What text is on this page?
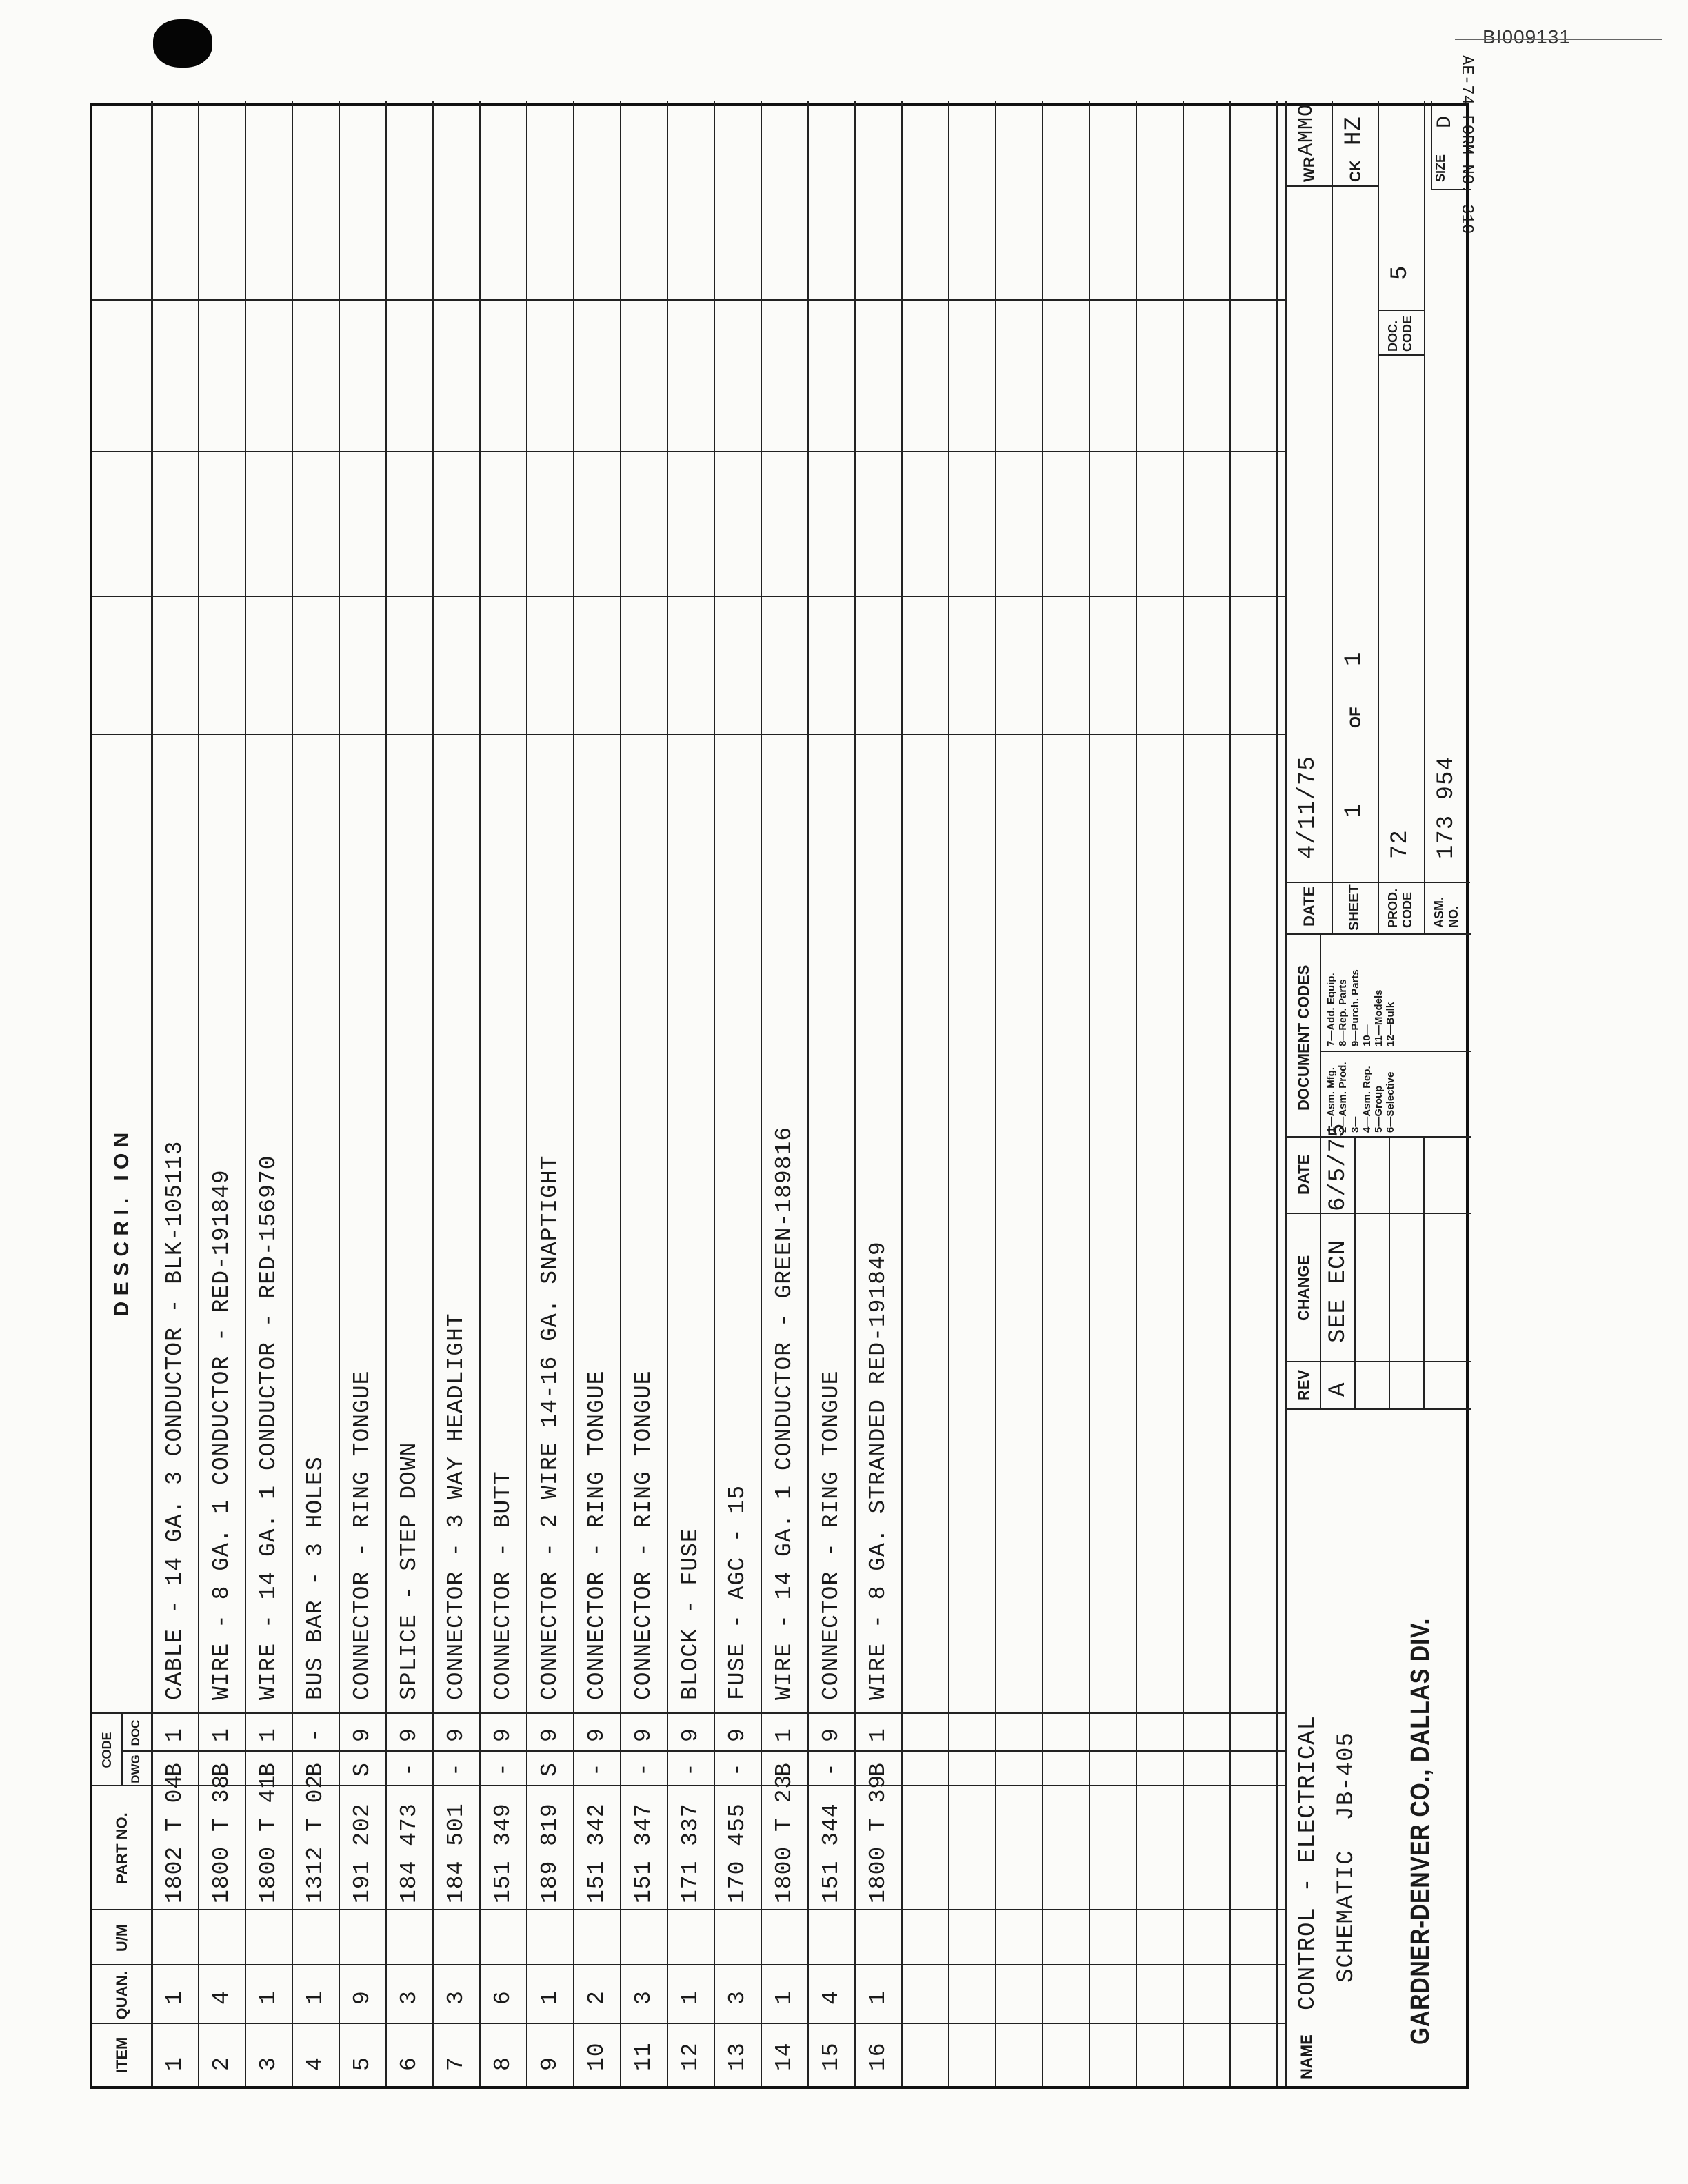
BI009131
ITEM
QUAN.
U/M
PART NO.
CODE
DWG
DOC
D E S C R I .   I O N
1
1
1802 T 04
B
1
CABLE - 14 GA. 3 CONDUCTOR - BLK-105113
2
4
1800 T 38
B
1
WIRE - 8 GA. 1 CONDUCTOR - RED-191849
3
1
1800 T 41
B
1
WIRE - 14 GA. 1 CONDUCTOR - RED-156970
4
1
1312 T 02
B
-
BUS BAR - 3 HOLES
5
9
191 202
S
9
CONNECTOR - RING TONGUE
6
3
184 473
-
9
SPLICE - STEP DOWN
7
3
184 501
-
9
CONNECTOR - 3 WAY HEADLIGHT
8
6
151 349
-
9
CONNECTOR - BUTT
9
1
189 819
S
9
CONNECTOR - 2 WIRE 14-16 GA. SNAPTIGHT
10
2
151 342
-
9
CONNECTOR - RING TONGUE
11
3
151 347
-
9
CONNECTOR - RING TONGUE
12
1
171 337
-
9
BLOCK - FUSE
13
3
170 455
-
9
FUSE - AGC - 15
14
1
1800 T 23
B
1
WIRE - 14 GA. 1 CONDUCTOR - GREEN-189816
15
4
151 344
-
9
CONNECTOR - RING TONGUE
16
1
1800 T 39
B
1
WIRE - 8 GA. STRANDED RED-191849
NAME
CONTROL - ELECTRICAL SCHEMATIC  JB-405 GARDNER-DENVER CO., DALLAS DIV.
REV
CHANGE
DATE
A
SEE ECN
6/5/75
DOCUMENT CODES
1—Asm. Mfg.
2—Asm. Prod.
3—
4—Asm. Rep.
5—Group
6—Selective
7—Add. Equip.
8—Rep. Parts
9—Purch. Parts
10—
11—Models
12—Bulk
DATE
4/11/75
WR
AMMO
SHEET
1
OF
1
CK
HZ
PROD.
CODE
72
DOC.
CODE
5
ASM.
NO.
173 954
SIZE
D AE-74 FORM NO. 310
